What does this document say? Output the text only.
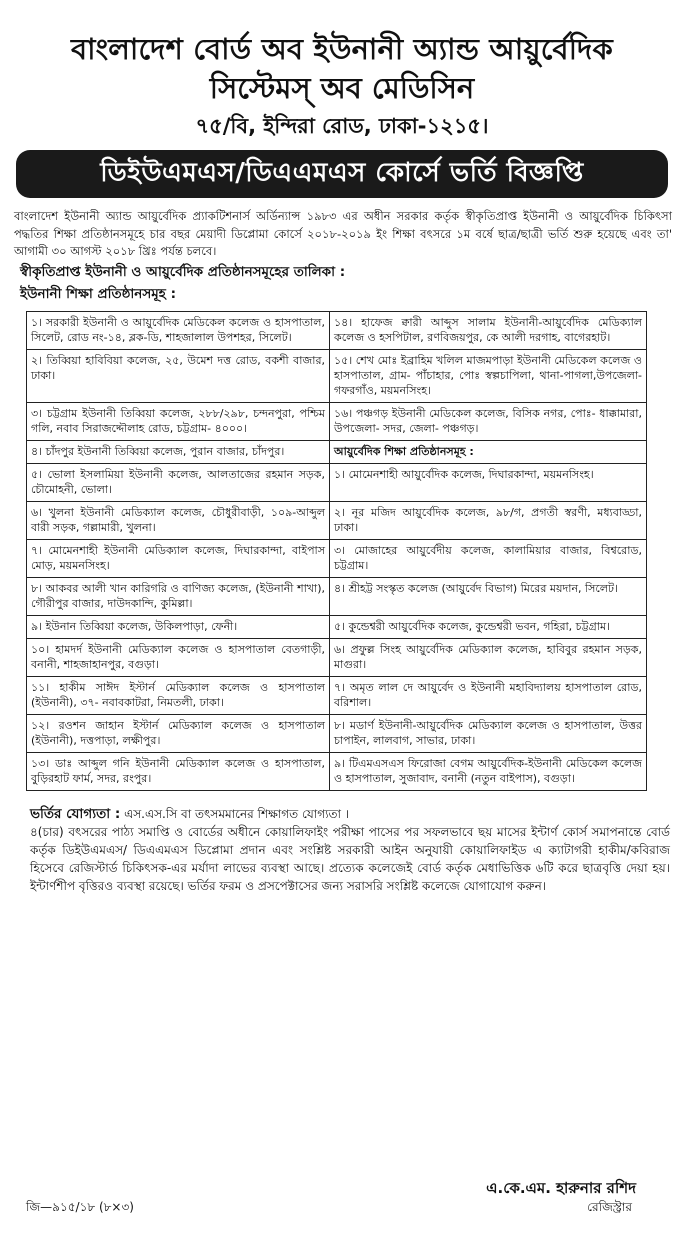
বাংলাদেশ বোর্ড অব ইউনানী অ্যান্ড আয়ুর্বেদিক
সিস্টেমস্ অব মেডিসিন
৭৫/বি, ইন্দিরা রোড, ঢাকা-১২১৫।
ডিইউএমএস/ডিএএমএস কোর্সে ভর্তি বিজ্ঞপ্তি
বাংলাদেশ ইউনানী অ্যান্ড আয়ুর্বেদিক প্র্যাকটিশনার্স অর্ডিন্যান্স ১৯৮৩ এর অধীন সরকার কর্তৃক স্বীকৃতিপ্রাপ্ত ইউনানী ও আয়ুর্বেদিক চিকিৎসা পদ্ধতির শিক্ষা প্রতিষ্ঠানসমূহে চার বছর মেয়াদী ডিপ্লোমা কোর্সে ২০১৮-২০১৯ ইং শিক্ষা বৎসরে ১ম বর্ষে ছাত্র/ছাত্রী ভর্তি শুরু হয়েছে এবং তা' আগামী ৩০ আগস্ট ২০১৮ খ্রিঃ পর্যন্ত চলবে।
স্বীকৃতিপ্রাপ্ত ইউনানী ও আয়ুর্বেদিক প্রতিষ্ঠানসমূহের তালিকা :
ইউনানী শিক্ষা প্রতিষ্ঠানসমূহ :
১। সরকারী ইউনানী ও আয়ুর্বেদিক মেডিকেল কলেজ ও হাসপাতাল, সিলেট, রোড নং-১৪, ব্লক-ডি, শাহজালাল উপশহর, সিলেট।	১৪। হাফেজ ক্বারী আব্দুস সালাম ইউনানী-আয়ুর্বেদিক মেডিক্যাল কলেজ ও হসপিটাল, রণবিজয়পুর, কে আলী দরগাহ, বাগেরহাট।
২। তিব্বিয়া হাবিবিয়া কলেজ, ২৫, উমেশ দত্ত রোড, বকশী বাজার, ঢাকা।	১৫। শেখ মোঃ ইব্রাহিম খলিল মাজমপাড়া ইউনানী মেডিকেল কলেজ ও হাসপাতাল, গ্রাম- পাঁচাহার, পোঃ স্বল্পচাপিলা, থানা-পাগলা,উপজেলা-গফরগাঁও, ময়মনসিংহ।
৩। চট্টগ্রাম ইউনানী তিব্বিয়া কলেজ, ২৮৮/২৯৮, চন্দনপুরা, পশ্চিম গলি, নবাব সিরাজদ্দৌলাহ রোড, চট্টগ্রাম- ৪০০০।	১৬। পঞ্চগড় ইউনানী মেডিকেল কলেজ, বিসিক নগর, পোঃ- ধাক্কামারা, উপজেলা- সদর, জেলা- পঞ্চগড়।
৪। চাঁদপুর ইউনানী তিব্বিয়া কলেজ, পুরান বাজার, চাঁদপুর।	আয়ুর্বেদিক শিক্ষা প্রতিষ্ঠানসমূহ :
৫। ভোলা ইসলামিয়া ইউনানী কলেজ, আলতাজের রহমান সড়ক, চৌমোহনী, ভোলা।	১। মোমেনশাহী আয়ুর্বেদিক কলেজ, দিঘারকান্দা, ময়মনসিংহ।
৬। খুলনা ইউনানী মেডিক্যাল কলেজ, চৌধুরীবাড়ী, ১০৯-আব্দুল বারী সড়ক, গল্লামারী, খুলনা।	২। নূর মজিদ আয়ুর্বেদিক কলেজ, ৯৮/গ, প্রগতী স্বরণী, মধ্যবাড্ডা, ঢাকা।
৭। মোমেনশাহী ইউনানী মেডিক্যাল কলেজ, দিঘারকান্দা, বাইপাস মোড়, ময়মনসিংহ।	৩। মোজাহের আয়ুর্বেদীয় কলেজ, কালামিয়ার বাজার, বিশ্বরোড, চট্টগ্রাম।
৮। আকবর আলী খান কারিগরি ও বাণিজ্য কলেজ, (ইউনানী শাখা), গৌরীপুর বাজার, দাউদকান্দি, কুমিল্লা।	৪। শ্রীহট্ট সংস্কৃত কলেজ (আয়ুর্বেদ বিভাগ) মিরের ময়দান, সিলেট।
৯। ইউনান তিব্বিয়া কলেজ, উকিলপাড়া, ফেনী।	৫। কুন্ডেশ্বরী আয়ুর্বেদিক কলেজ, কুন্ডেশ্বরী ভবন, গহিরা, চট্টগ্রাম।
১০। হামদর্দ ইউনানী মেডিক্যাল কলেজ ও হাসপাতাল বেতগাড়ী, বনানী, শাহজাহানপুর, বগুড়া।	৬। প্রফুল্ল সিংহ আয়ুর্বেদিক মেডিক্যাল কলেজ, হাবিবুর রহমান সড়ক, মাগুরা।
১১। হাকীম সাঈদ ইস্টার্ন মেডিক্যাল কলেজ ও হাসপাতাল (ইউনানী), ৩৭- নবাবকাটরা, নিমতলী, ঢাকা।	৭। অমৃত লাল দে আয়ুর্বেদ ও ইউনানী মহাবিদ্যালয় হাসপাতাল রোড, বরিশাল।
১২। রওশন জাহান ইস্টার্ন মেডিক্যাল কলেজ ও হাসপাতাল (ইউনানী), দত্তপাড়া, লক্ষীপুর।	৮। মডার্ণ ইউনানী-আয়ুর্বেদিক মেডিক্যাল কলেজ ও হাসপাতাল, উত্তর চাপাইন, লালবাগ, সাভার, ঢাকা।
১৩। ডাঃ আব্দুল গনি ইউনানী মেডিক্যাল কলেজ ও হাসপাতাল, বুড়িরহাট ফার্ম, সদর, রংপুর।	৯। টিএমএসএস ফিরোজা বেগম আয়ুর্বেদিক-ইউনানী মেডিকেল কলেজ ও হাসপাতাল, সুজাবাদ, বনানী (নতুন বাইপাস), বগুড়া।
ভর্তির যোগ্যতা : এস.এস.সি বা তৎসমমানের শিক্ষাগত যোগ্যতা ।
৪(চার) বৎসরের পাঠ্য সমাপ্তি ও বোর্ডের অধীনে কোয়ালিফাইং পরীক্ষা পাসের পর সফলভাবে ছয় মাসের ইন্টার্ণ কোর্স সমাপনান্তে বোর্ড কর্তৃক ডিইউএমএস/ ডিএএমএস ডিপ্লোমা প্রদান এবং সংশ্লিষ্ট সরকারী আইন অনুযায়ী কোয়ালিফাইড এ ক্যাটাগরী হাকীম/কবিরাজ হিসেবে রেজিস্টার্ড চিকিৎসক-এর মর্যাদা লাভের ব্যবস্থা আছে। প্রত্যেক কলেজেই বোর্ড কর্তৃক মেধাভিত্তিক ৬টি করে ছাত্রবৃত্তি দেয়া হয়। ইন্টার্ণশীপ বৃত্তিরও ব্যবস্থা রয়েছে। ভর্তির ফরম ও প্রসপেক্টাসের জন্য সরাসরি সংশ্লিষ্ট কলেজে যোগাযোগ করুন।
এ.কে.এম. হারুনার রশিদ
রেজিস্ট্রার
জি—৯১৫/১৮ (৮×৩)
